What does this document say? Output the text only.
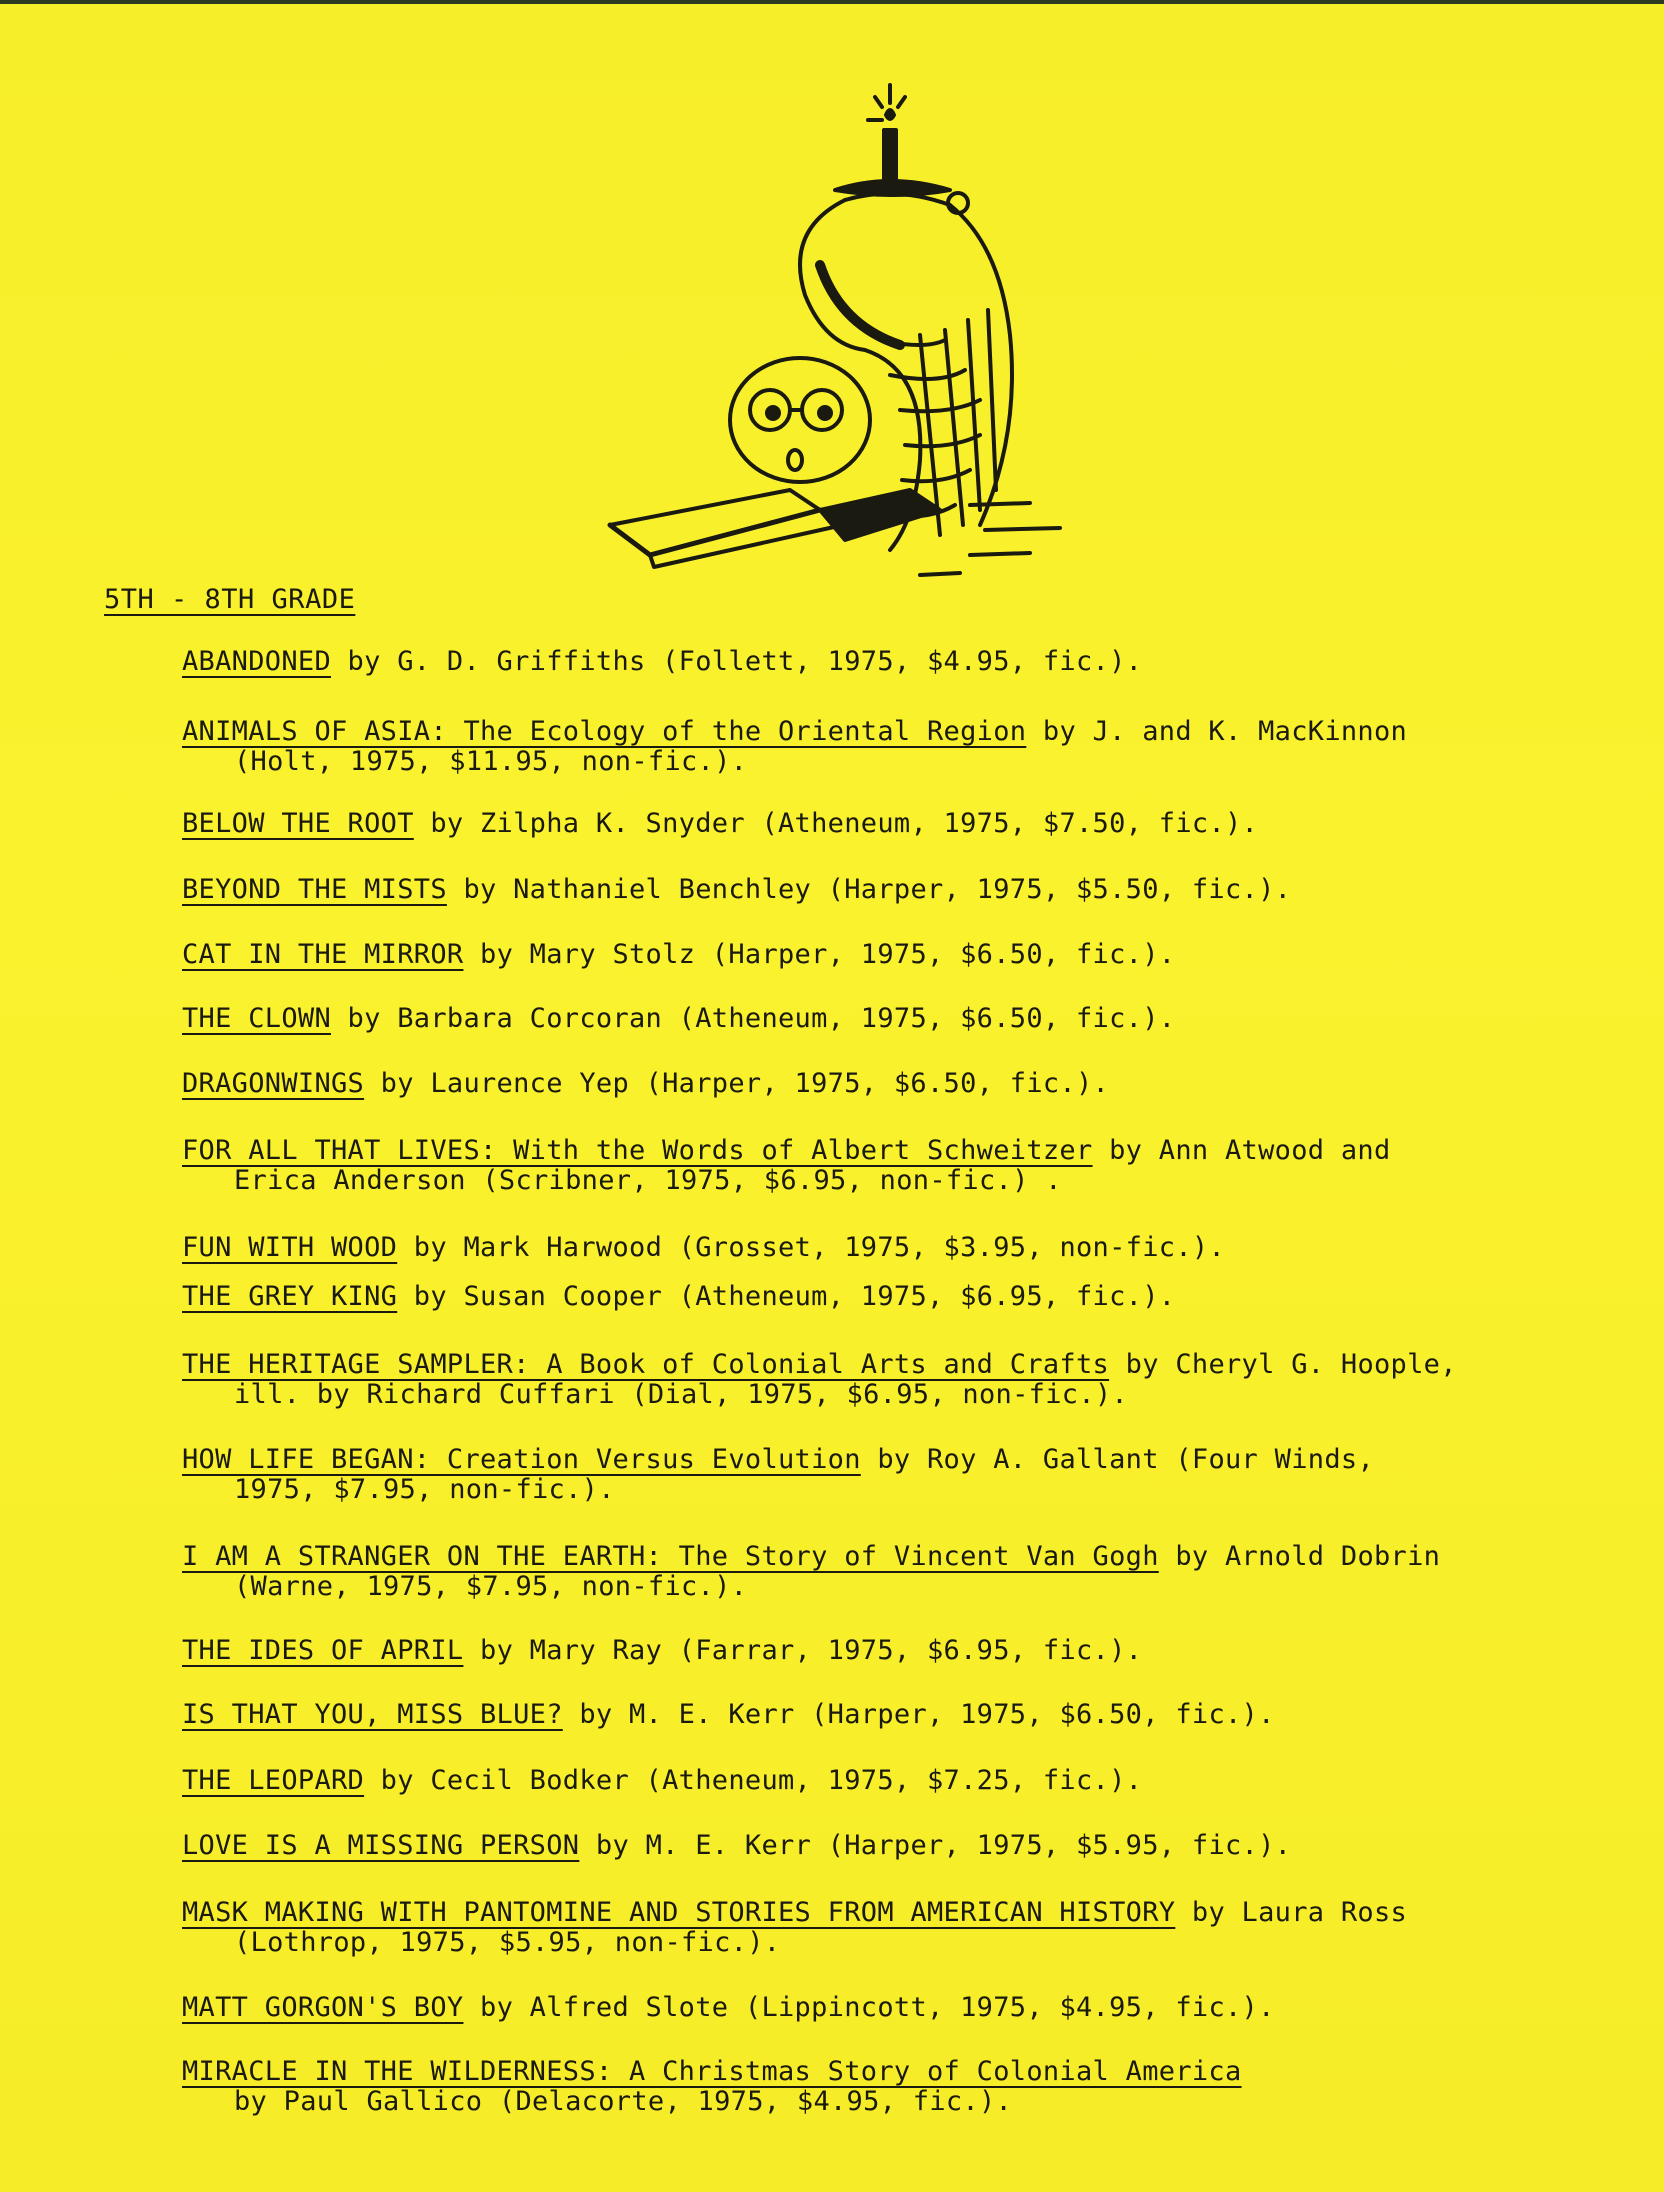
5TH - 8TH GRADE
ABANDONED by G. D. Griffiths (Follett, 1975, $4.95, fic.).
ANIMALS OF ASIA: The Ecology of the Oriental Region by J. and K. MacKinnon
(Holt, 1975, $11.95, non-fic.).
BELOW THE ROOT by Zilpha K. Snyder (Atheneum, 1975, $7.50, fic.).
BEYOND THE MISTS by Nathaniel Benchley (Harper, 1975, $5.50, fic.).
CAT IN THE MIRROR by Mary Stolz (Harper, 1975, $6.50, fic.).
THE CLOWN by Barbara Corcoran (Atheneum, 1975, $6.50, fic.).
DRAGONWINGS by Laurence Yep (Harper, 1975, $6.50, fic.).
FOR ALL THAT LIVES: With the Words of Albert Schweitzer by Ann Atwood and
Erica Anderson (Scribner, 1975, $6.95, non-fic.) .
FUN WITH WOOD by Mark Harwood (Grosset, 1975, $3.95, non-fic.).
THE GREY KING by Susan Cooper (Atheneum, 1975, $6.95, fic.).
THE HERITAGE SAMPLER: A Book of Colonial Arts and Crafts by Cheryl G. Hoople,
ill. by Richard Cuffari (Dial, 1975, $6.95, non-fic.).
HOW LIFE BEGAN: Creation Versus Evolution by Roy A. Gallant (Four Winds,
1975, $7.95, non-fic.).
I AM A STRANGER ON THE EARTH: The Story of Vincent Van Gogh by Arnold Dobrin
(Warne, 1975, $7.95, non-fic.).
THE IDES OF APRIL by Mary Ray (Farrar, 1975, $6.95, fic.).
IS THAT YOU, MISS BLUE? by M. E. Kerr (Harper, 1975, $6.50, fic.).
THE LEOPARD by Cecil Bodker (Atheneum, 1975, $7.25, fic.).
LOVE IS A MISSING PERSON by M. E. Kerr (Harper, 1975, $5.95, fic.).
MASK MAKING WITH PANTOMINE AND STORIES FROM AMERICAN HISTORY by Laura Ross
(Lothrop, 1975, $5.95, non-fic.).
MATT GORGON'S BOY by Alfred Slote (Lippincott, 1975, $4.95, fic.).
MIRACLE IN THE WILDERNESS: A Christmas Story of Colonial America
by Paul Gallico (Delacorte, 1975, $4.95, fic.).
